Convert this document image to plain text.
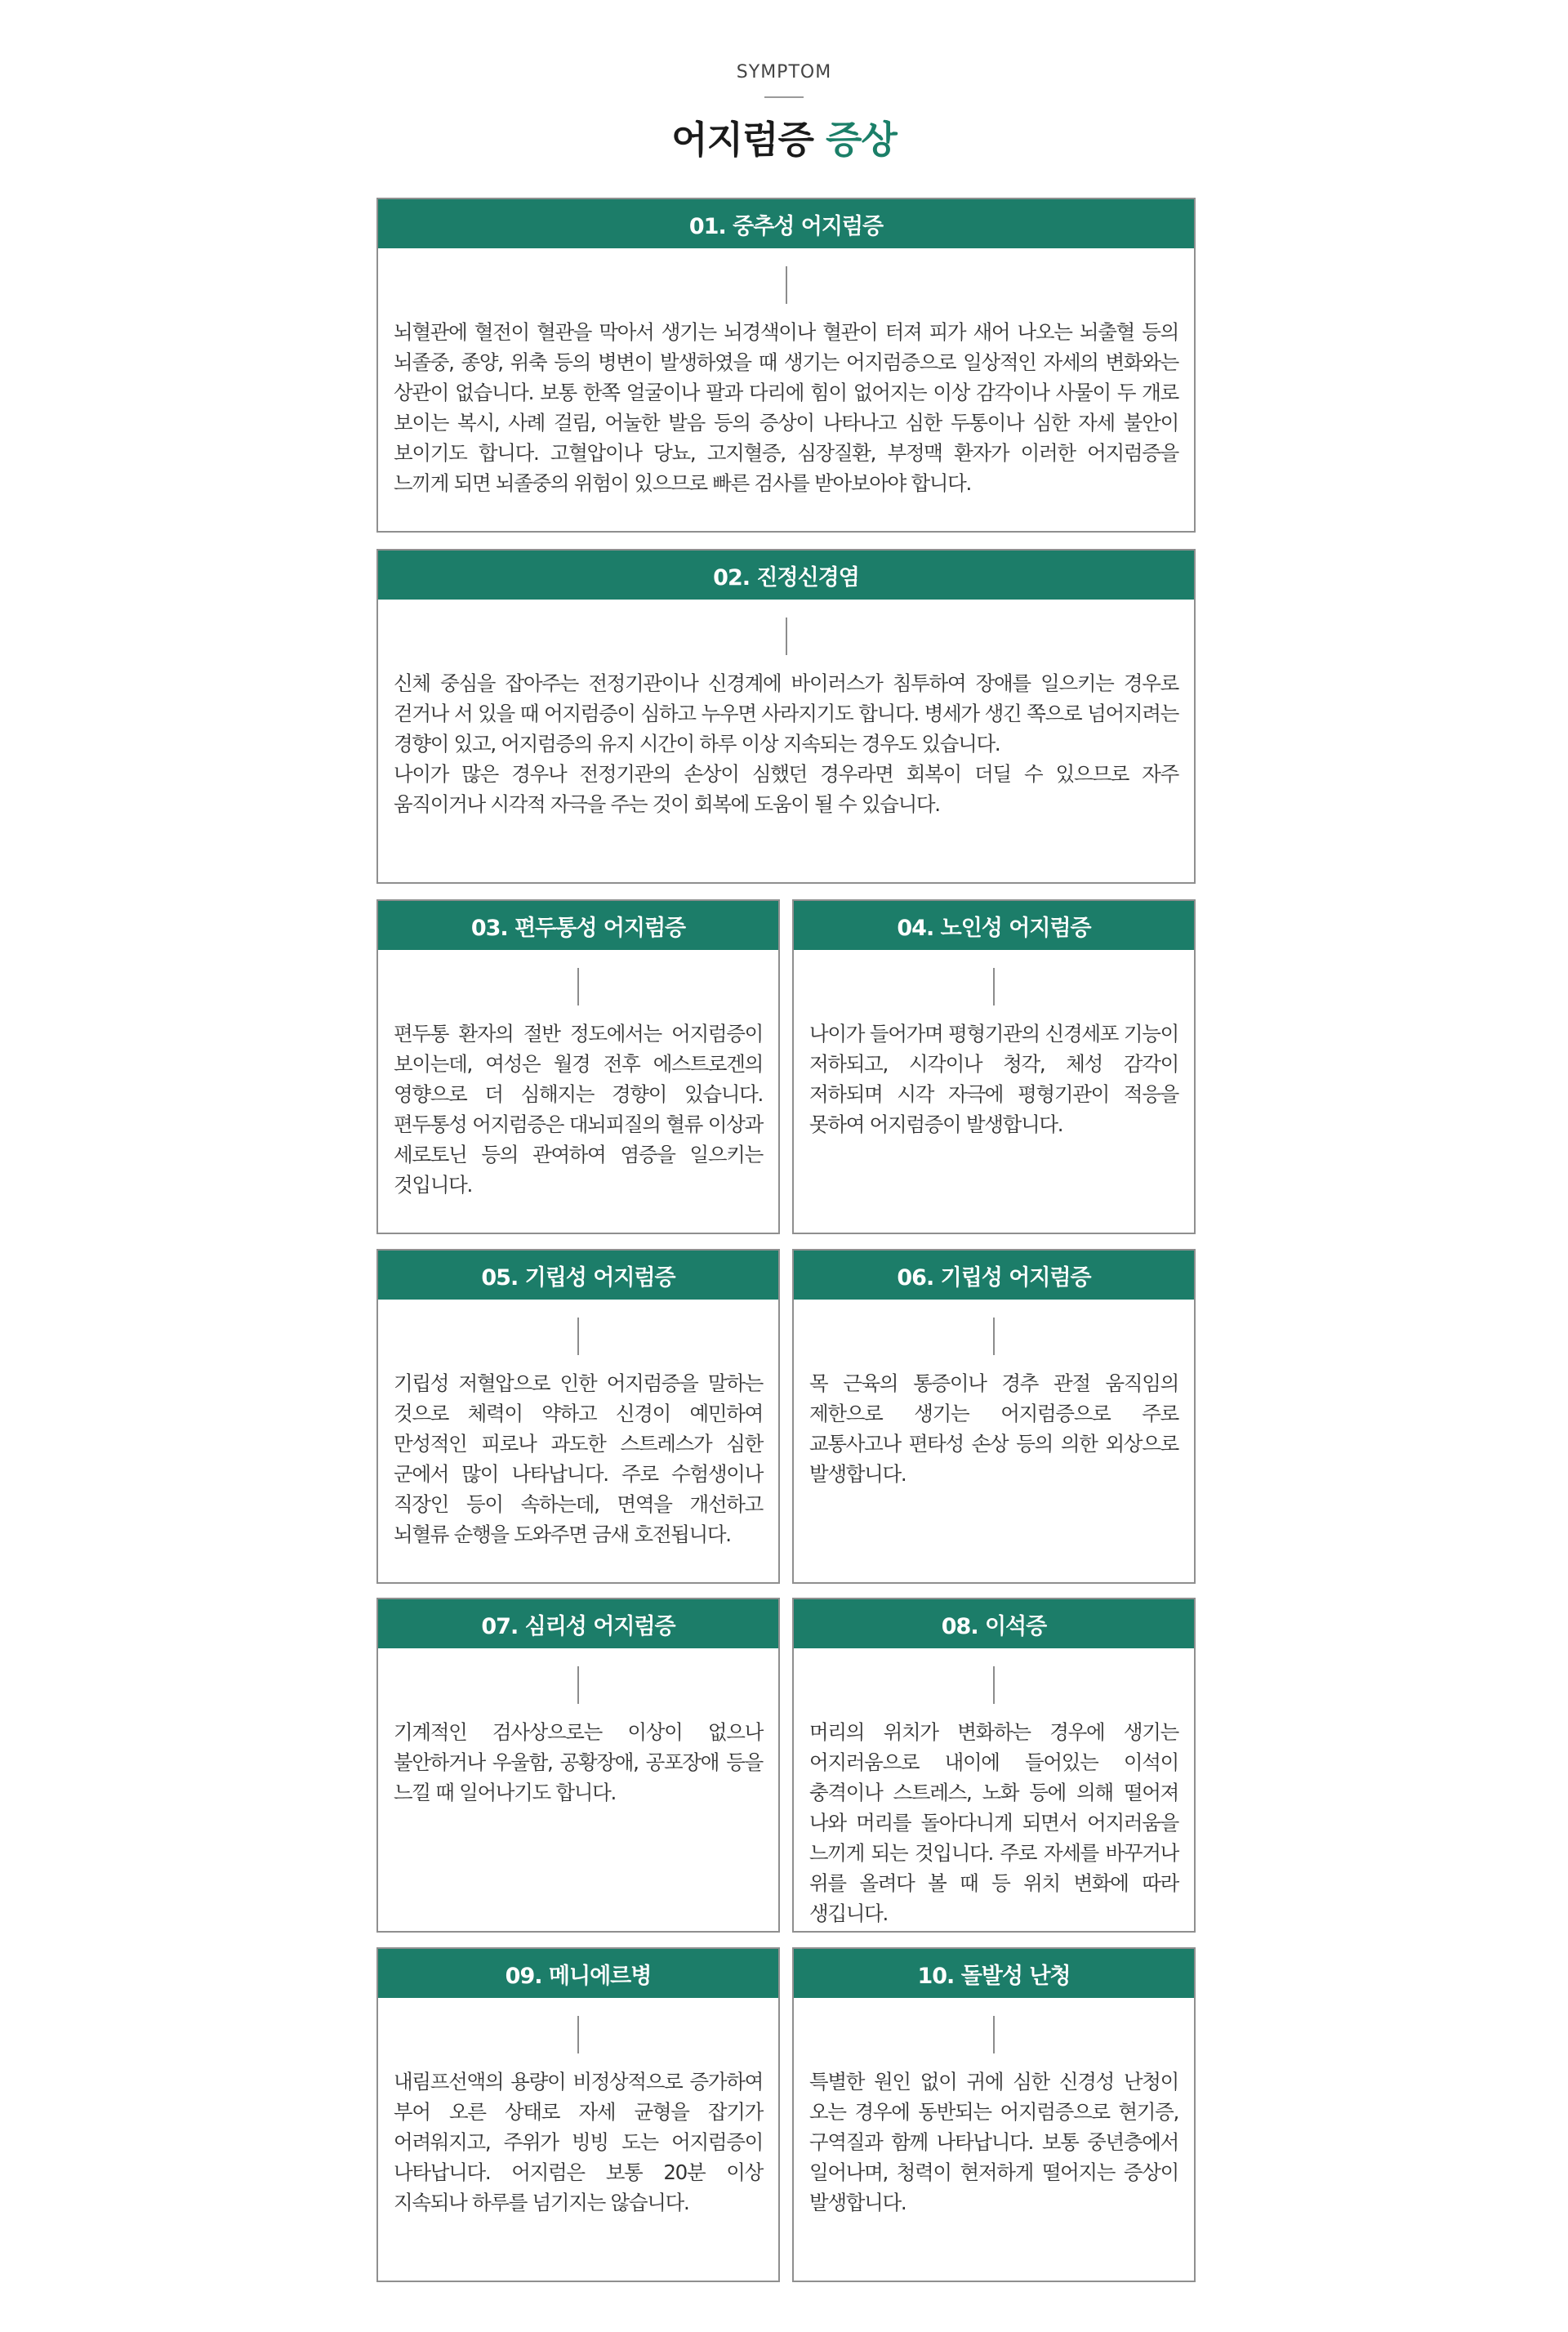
SYMPTOM
어지럼증 증상
01. 중추성 어지럼증
뇌혈관에 혈전이 혈관을 막아서 생기는 뇌경색이나 혈관이 터져 피가 새어 나오는 뇌출혈 등의 뇌졸중, 종양, 위축 등의 병변이 발생하였을 때 생기는 어지럼증으로 일상적인 자세의 변화와는 상관이 없습니다. 보통 한쪽 얼굴이나 팔과 다리에 힘이 없어지는 이상 감각이나 사물이 두 개로 보이는 복시, 사례 걸림, 어눌한 발음 등의 증상이 나타나고 심한 두통이나 심한 자세 불안이 보이기도 합니다. 고혈압이나 당뇨, 고지혈증, 심장질환, 부정맥 환자가 이러한 어지럼증을 느끼게 되면 뇌졸중의 위험이 있으므로 빠른 검사를 받아보아야 합니다.
02. 진정신경염
신체 중심을 잡아주는 전정기관이나 신경계에 바이러스가 침투하여 장애를 일으키는 경우로 걷거나 서 있을 때 어지럼증이 심하고 누우면 사라지기도 합니다. 병세가 생긴 쪽으로 넘어지려는 경향이 있고, 어지럼증의 유지 시간이 하루 이상 지속되는 경우도 있습니다.
나이가 많은 경우나 전정기관의 손상이 심했던 경우라면 회복이 더딜 수 있으므로 자주 움직이거나 시각적 자극을 주는 것이 회복에 도움이 될 수 있습니다.
03. 편두통성 어지럼증
편두통 환자의 절반 정도에서는 어지럼증이 보이는데, 여성은 월경 전후 에스트로겐의 영향으로 더 심해지는 경향이 있습니다. 편두통성 어지럼증은 대뇌피질의 혈류 이상과 세로토닌 등의 관여하여 염증을 일으키는 것입니다.
04. 노인성 어지럼증
나이가 들어가며 평형기관의 신경세포 기능이 저하되고, 시각이나 청각, 체성 감각이 저하되며 시각 자극에 평형기관이 적응을 못하여 어지럼증이 발생합니다.
05. 기립성 어지럼증
기립성 저혈압으로 인한 어지럼증을 말하는 것으로 체력이 약하고 신경이 예민하여 만성적인 피로나 과도한 스트레스가 심한 군에서 많이 나타납니다. 주로 수험생이나 직장인 등이 속하는데, 면역을 개선하고 뇌혈류 순행을 도와주면 금새 호전됩니다.
06. 기립성 어지럼증
목 근육의 통증이나 경추 관절 움직임의 제한으로 생기는 어지럼증으로 주로 교통사고나 편타성 손상 등의 의한 외상으로 발생합니다.
07. 심리성 어지럼증
기계적인 검사상으로는 이상이 없으나 불안하거나 우울함, 공황장애, 공포장애 등을 느낄 때 일어나기도 합니다.
08. 이석증
머리의 위치가 변화하는 경우에 생기는 어지러움으로 내이에 들어있는 이석이 충격이나 스트레스, 노화 등에 의해 떨어져 나와 머리를 돌아다니게 되면서 어지러움을 느끼게 되는 것입니다. 주로 자세를 바꾸거나 위를 올려다 볼 때 등 위치 변화에 따라 생깁니다.
09. 메니에르병
내림프선액의 용량이 비정상적으로 증가하여 부어 오른 상태로 자세 균형을 잡기가 어려워지고, 주위가 빙빙 도는 어지럼증이 나타납니다. 어지럼은 보통 20분 이상 지속되나 하루를 넘기지는 않습니다.
10. 돌발성 난청
특별한 원인 없이 귀에 심한 신경성 난청이 오는 경우에 동반되는 어지럼증으로 현기증, 구역질과 함께 나타납니다. 보통 중년층에서 일어나며, 청력이 현저하게 떨어지는 증상이 발생합니다.
